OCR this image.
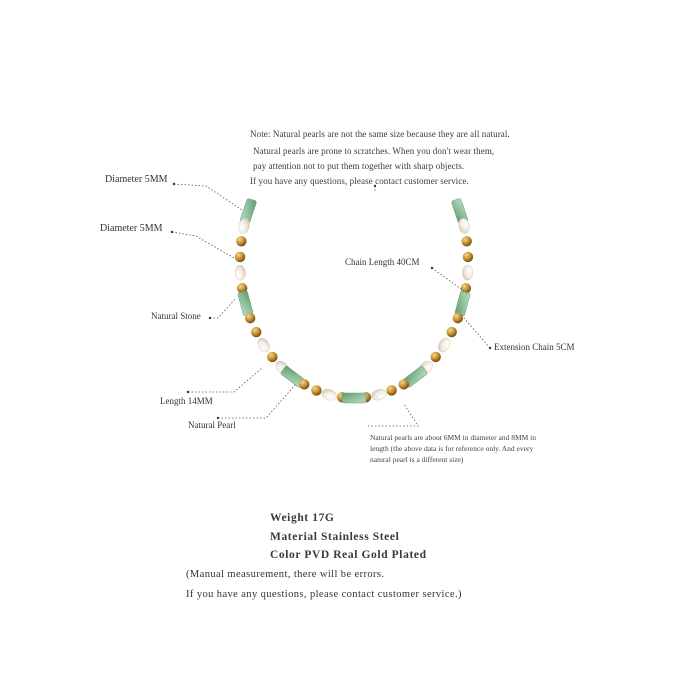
Note: Natural pearls are not the same size because they are all natural.
Natural pearls are prone to scratches. When you don't wear them,
pay attention not to put them together with sharp objects.
If you have any questions, please contact customer service.
Diameter 5MM
Diameter 5MM
Natural Stone
Length 14MM
Natural Pearl
Chain Length 40CM
Extension Chain 5CM
Natural pearls are about 6MM in diameter and 8MM in length (the above data is for reference only. And every natural pearl is a different size)
Weight 17G
Material Stainless Steel
Color PVD Real Gold Plated
(Manual measurement, there will be errors.
If you have any questions, please contact customer service.)
